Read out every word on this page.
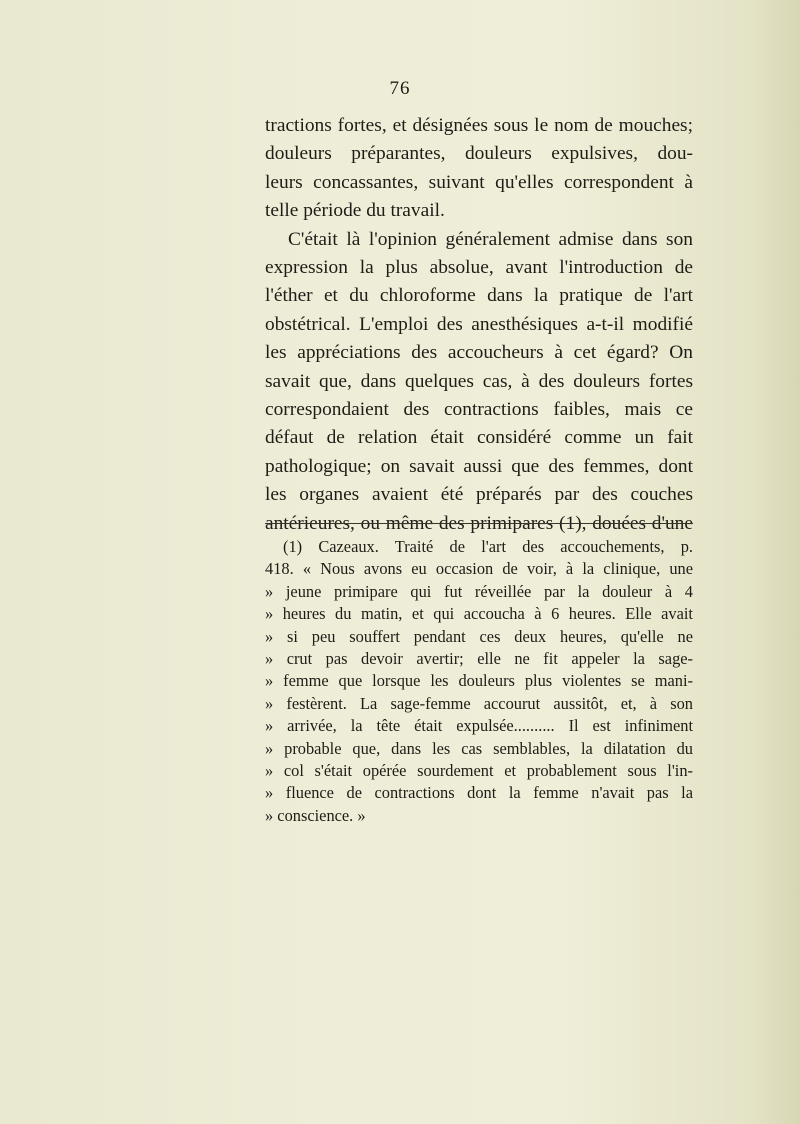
76
tractions fortes, et désignées sous le nom de mouches;
douleurs préparantes, douleurs expulsives, dou-
leurs concassantes, suivant qu'elles correspondent à
telle période du travail.
C'était là l'opinion généralement admise dans son
expression la plus absolue, avant l'introduction de
l'éther et du chloroforme dans la pratique de l'art
obstétrical. L'emploi des anesthésiques a-t-il modifié
les appréciations des accoucheurs à cet égard? On
savait que, dans quelques cas, à des douleurs fortes
correspondaient des contractions faibles, mais ce
défaut de relation était considéré comme un fait
pathologique; on savait aussi que des femmes, dont
les organes avaient été préparés par des couches
antérieures, ou même des primipares (1), douées d'une
(1) Cazeaux. Traité de l'art des accouchements, p.
418. « Nous avons eu occasion de voir, à la clinique, une
» jeune primipare qui fut réveillée par la douleur à 4
» heures du matin, et qui accoucha à 6 heures. Elle avait
» si peu souffert pendant ces deux heures, qu'elle ne
» crut pas devoir avertir; elle ne fit appeler la sage-
» femme que lorsque les douleurs plus violentes se mani-
» festèrent. La sage-femme accourut aussitôt, et, à son
» arrivée, la tête était expulsée.......... Il est infiniment
» probable que, dans les cas semblables, la dilatation du
» col s'était opérée sourdement et probablement sous l'in-
» fluence de contractions dont la femme n'avait pas la
» conscience. »
